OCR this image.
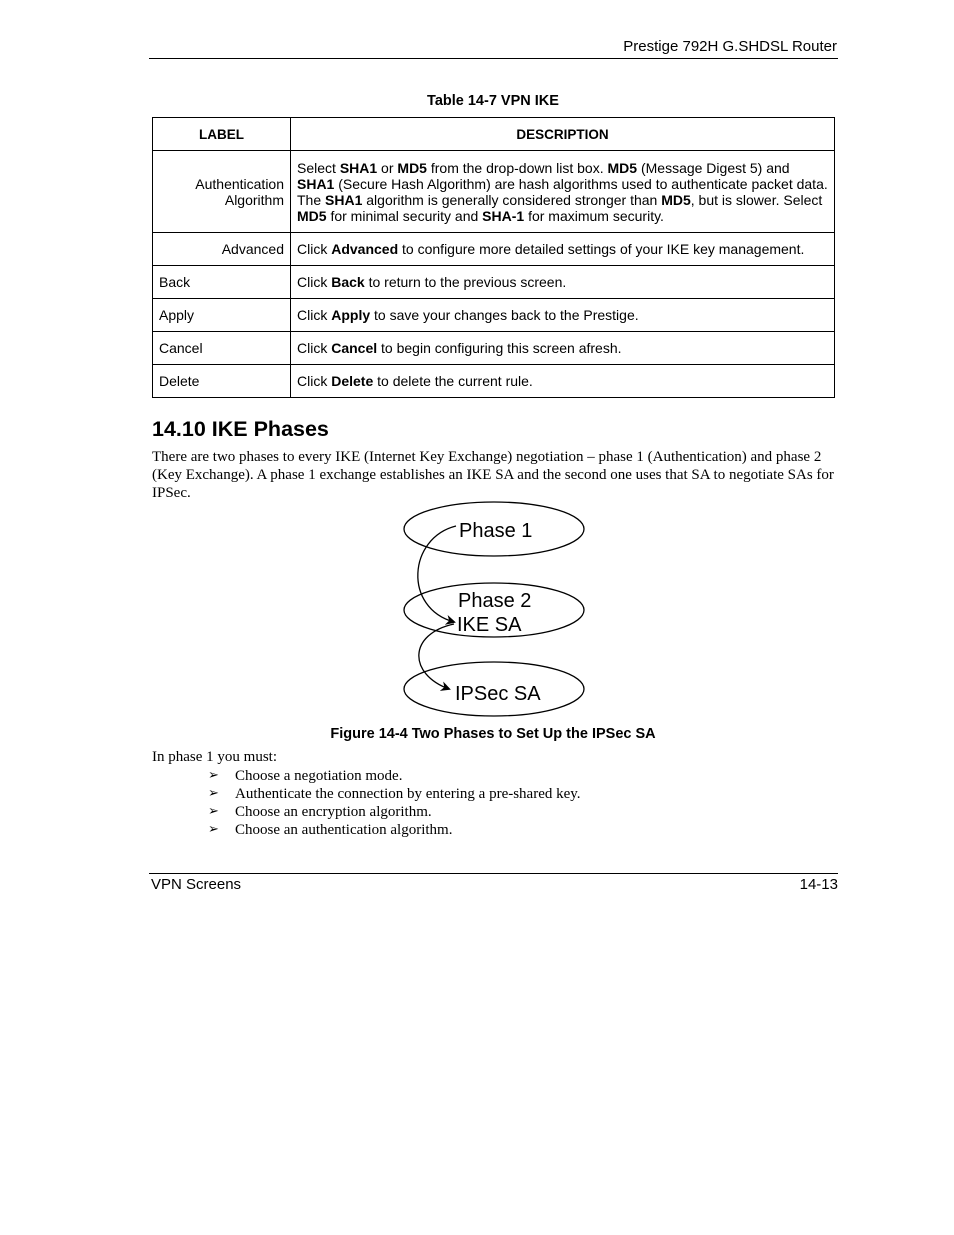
Prestige 792H G.SHDSL Router
Table 14-7 VPN IKE
LABEL	DESCRIPTION
Authentication Algorithm	Select SHA1 or MD5 from the drop-down list box. MD5 (Message Digest 5) and SHA1 (Secure Hash Algorithm) are hash algorithms used to authenticate packet data. The SHA1 algorithm is generally considered stronger than MD5, but is slower. Select MD5 for minimal security and SHA-1 for maximum security.
Advanced	Click Advanced to configure more detailed settings of your IKE key management.
Back	Click Back to return to the previous screen.
Apply	Click Apply to save your changes back to the Prestige.
Cancel	Click Cancel to begin configuring this screen afresh.
Delete	Click Delete to delete the current rule.
14.10 IKE Phases

There are two phases to every IKE (Internet Key Exchange) negotiation – phase 1 (Authentication) and phase 2 (Key Exchange). A phase 1 exchange establishes an IKE SA and the second one uses that SA to negotiate SAs for IPSec.

Phase 1
Phase 2
IKE SA
IPSec SA
Figure 14-4 Two Phases to Set Up the IPSec SA

In phase 1 you must:

➢	Choose a negotiation mode.
➢	Authenticate the connection by entering a pre-shared key.
➢	Choose an encryption algorithm.
➢	Choose an authentication algorithm.
VPN Screens	14-13
